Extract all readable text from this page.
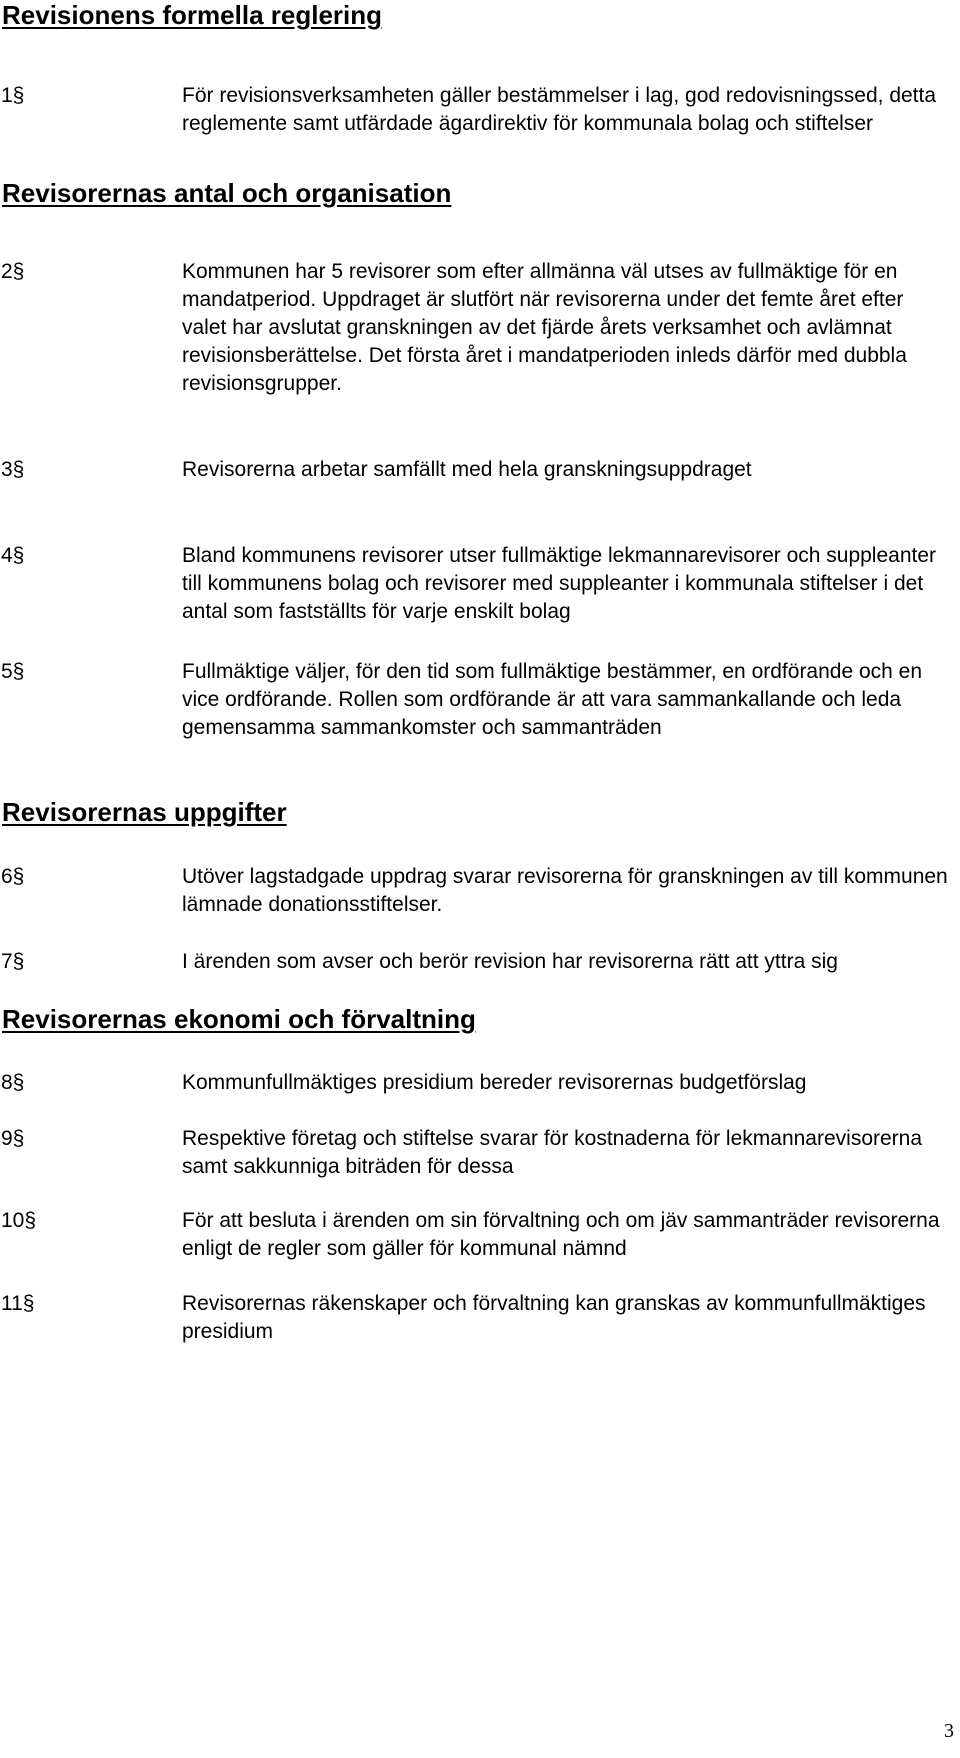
Revisionens formella reglering
1§	För revisionsverksamheten gäller bestämmelser i lag, god redovisningssed, detta reglemente samt utfärdade ägardirektiv för kommunala bolag och stiftelser

Revisorernas antal och organisation
2§	Kommunen har 5 revisorer som efter allmänna väl utses av fullmäktige för en mandatperiod. Uppdraget är slutfört när revisorerna under det femte året efter valet har avslutat granskningen av det fjärde årets verksamhet och avlämnat revisionsberättelse. Det första året i mandatperioden inleds därför med dubbla revisionsgrupper.

3§	Revisorerna arbetar samfällt med hela granskningsuppdraget

4§	Bland kommunens revisorer utser fullmäktige lekmannarevisorer och suppleanter till kommunens bolag och revisorer med suppleanter i kommunala stiftelser i det antal som fastställts för varje enskilt bolag

5§	Fullmäktige väljer, för den tid som fullmäktige bestämmer, en ordförande och en vice ordförande. Rollen som ordförande är att vara sammankallande och leda gemensamma sammankomster och sammanträden

Revisorernas uppgifter
6§	Utöver lagstadgade uppdrag svarar revisorerna för granskningen av till kommunen lämnade donationsstiftelser.

7§	I ärenden som avser och berör revision har revisorerna rätt att yttra sig

Revisorernas ekonomi och förvaltning
8§	Kommunfullmäktiges presidium bereder revisorernas budgetförslag

9§	Respektive företag och stiftelse svarar för kostnaderna för lekmannarevisorerna samt sakkunniga biträden för dessa

10§	För att besluta i ärenden om sin förvaltning och om jäv sammanträder revisorerna enligt de regler som gäller för kommunal nämnd

11§	Revisorernas räkenskaper och förvaltning kan granskas av kommunfullmäktiges presidium

3
